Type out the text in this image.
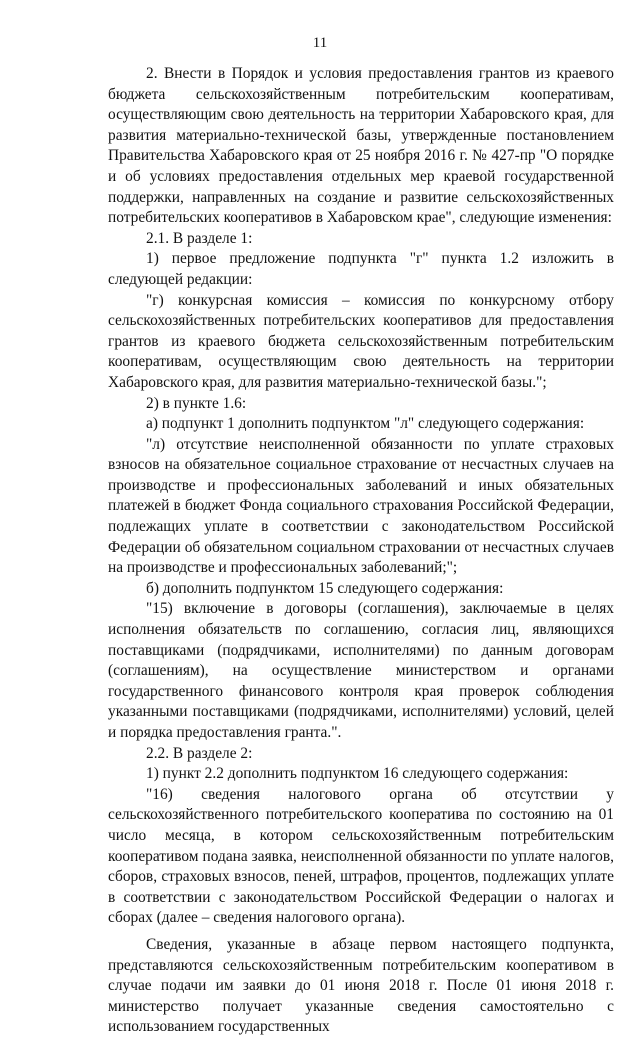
11

2. Внести в Порядок и условия предоставления грантов из краевого бюджета сельскохозяйственным потребительским кооперативам, осуществляющим свою деятельность на территории Хабаровского края, для развития материально-технической базы, утвержденные постановлением Правительства Хабаровского края от 25 ноября 2016 г. № 427-пр "О порядке и об условиях предоставления отдельных мер краевой государственной поддержки, направленных на создание и развитие сельскохозяйственных потребительских кооперативов в Хабаровском крае", следующие изменения:

2.1. В разделе 1:

1) первое предложение подпункта "г" пункта 1.2 изложить в следующей редакции:

"г) конкурсная комиссия – комиссия по конкурсному отбору сельскохозяйственных потребительских кооперативов для предоставления грантов из краевого бюджета сельскохозяйственным потребительским кооперативам, осуществляющим свою деятельность на территории Хабаровского края, для развития материально-технической базы.";

2) в пункте 1.6:

а) подпункт 1 дополнить подпунктом "л" следующего содержания:

"л) отсутствие неисполненной обязанности по уплате страховых взносов на обязательное социальное страхование от несчастных случаев на производстве и профессиональных заболеваний и иных обязательных платежей в бюджет Фонда социального страхования Российской Федерации, подлежащих уплате в соответствии с законодательством Российской Федерации об обязательном социальном страховании от несчастных случаев на производстве и профессиональных заболеваний;";

б) дополнить подпунктом 15 следующего содержания:

"15) включение в договоры (соглашения), заключаемые в целях исполнения обязательств по соглашению, согласия лиц, являющихся поставщиками (подрядчиками, исполнителями) по данным договорам (соглашениям), на осуществление министерством и органами государственного финансового контроля края проверок соблюдения указанными поставщиками (подрядчиками, исполнителями) условий, целей и порядка предоставления гранта.".

2.2. В разделе 2:

1) пункт 2.2 дополнить подпунктом 16 следующего содержания:

"16) сведения налогового органа об отсутствии у сельскохозяйственного потребительского кооператива по состоянию на 01 число месяца, в котором сельскохозяйственным потребительским кооперативом подана заявка, неисполненной обязанности по уплате налогов, сборов, страховых взносов, пеней, штрафов, процентов, подлежащих уплате в соответствии с законодательством Российской Федерации о налогах и сборах (далее – сведения налогового органа).

Сведения, указанные в абзаце первом настоящего подпункта, представляются сельскохозяйственным потребительским кооперативом в случае подачи им заявки до 01 июня 2018 г. После 01 июня 2018 г. министерство получает указанные сведения самостоятельно с использованием государственных
